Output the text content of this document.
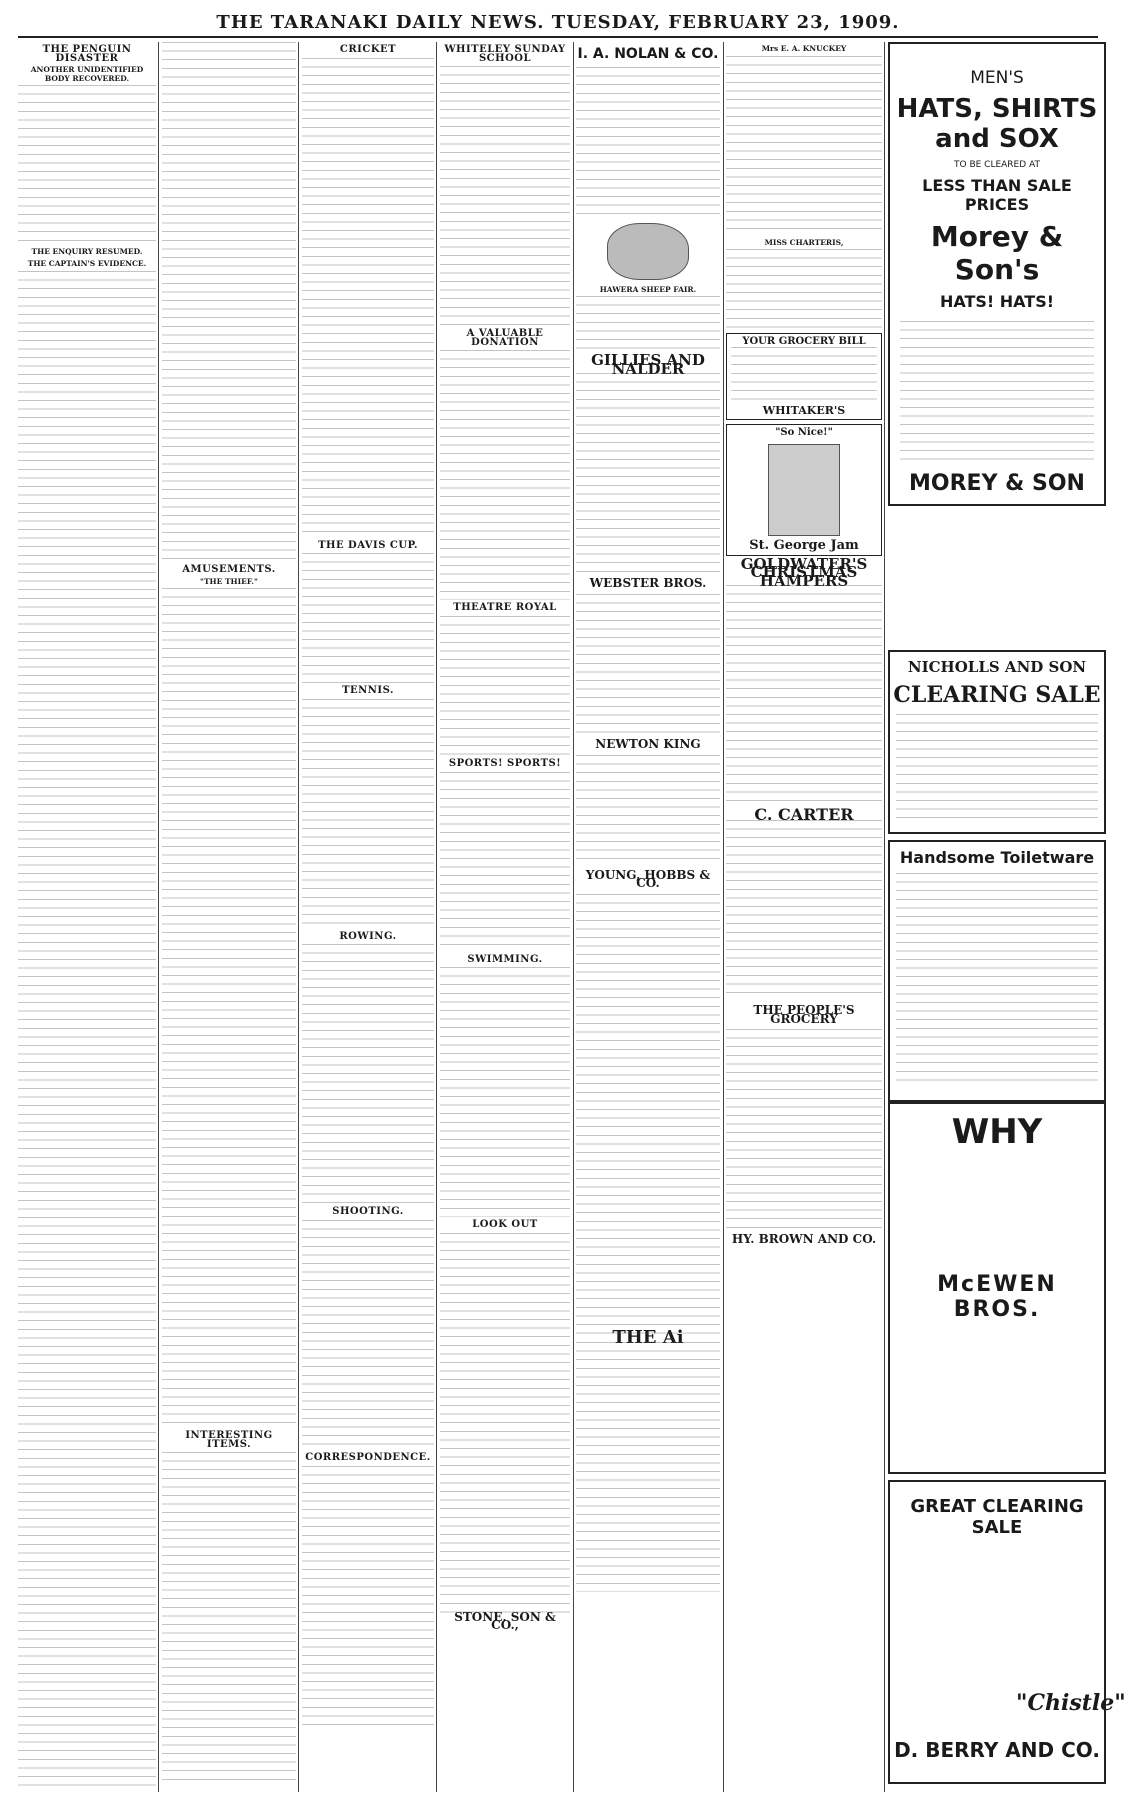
THE TARANAKI DAILY NEWS. TUESDAY, FEBRUARY 23, 1909.
THE PENGUIN DISASTER
ANOTHER UNIDENTIFIED BODY RECOVERED.
THE ENQUIRY RESUMED.
THE CAPTAIN'S EVIDENCE.
AMUSEMENTS.
"THE THIEF."
INTERESTING ITEMS.
CRICKET
THE DAVIS CUP.
TENNIS.
ROWING.
SHOOTING.
CORRESPONDENCE.
WHITELEY SUNDAY SCHOOL
A VALUABLE DONATION
THEATRE ROYAL
SPORTS! SPORTS!
SWIMMING.
LOOK OUT
STONE, SON & CO.,
I. A. NOLAN & CO.
HAWERA SHEEP FAIR.
GILLIES AND NALDER
WEBSTER BROS.
NEWTON KING
YOUNG, HOBBS & CO.
THE Ai
Mrs E. A. KNUCKEY
MISS CHARTERIS,
YOUR GROCERY BILL
WHITAKER'S
"So Nice!"
St. George Jam
GOLDWATER'S CHRISTMAS HAMPERS
C. CARTER
THE PEOPLE'S GROCERY
HY. BROWN AND CO.
MEN'S
HATS, SHIRTS and SOX
TO BE CLEARED AT
LESS THAN SALE PRICES
Morey & Son's
HATS! HATS!
MOREY & SON
NICHOLLS AND SON
CLEARING SALE
Handsome Toiletware
WHY
McEWEN BROS.
GREAT CLEARING SALE
D. BERRY AND CO.
"Chistle"
